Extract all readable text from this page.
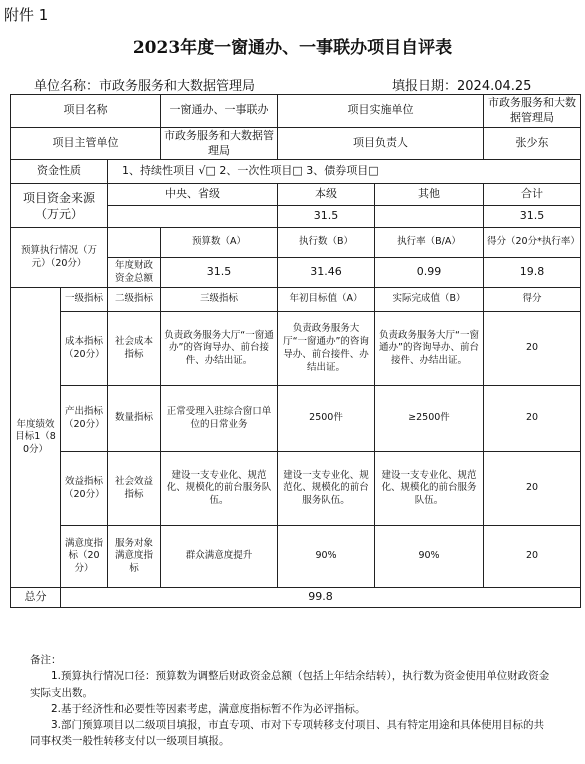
附件 1
2023年度一窗通办、一事联办项目自评表
单位名称：市政务服务和大数据管理局	填报日期：2024.04.25
项目名称			一窗通办、一事联办	项目实施单位		市政务服务和大数据管理局
项目主管单位			市政务服务和大数据管理局	项目负责人		张少东
资金性质		1、持续性项目 √□ 2、一次性项目□ 3、债券项目□				
项目资金来源（万元）		中央、省级		本级	其他	合计
				31.5		31.5
预算执行情况（万元）（20分）			预算数（A）	执行数（B）	执行率（B/A）	得分（20分*执行率）
		年度财政资金总额	31.5	31.46	0.99	19.8
年度绩效目标1（80分）	一级指标	二级指标	三级指标	年初目标值（A）	实际完成值（B）	得分
	成本指标（20分）	社会成本指标	负责政务服务大厅“一窗通办”的咨询导办、前台接件、办结出证。	负责政务服务大厅“一窗通办”的咨询导办、前台接件、办结出证。	负责政务服务大厅“一窗通办”的咨询导办、前台接件、办结出证。	20
	产出指标（20分）	数量指标	正常受理入驻综合窗口单位的日常业务	2500件	≥2500件	20
	效益指标（20分）	社会效益指标	建设一支专业化、规范化、规模化的前台服务队伍。	建设一支专业化、规范化、规模化的前台服务队伍。	建设一支专业化、规范化、规模化的前台服务队伍。	20
	满意度指标（20分）	服务对象满意度指标	群众满意度提升	90%	90%	20
总分	99.8					
备注：
1.预算执行情况口径：预算数为调整后财政资金总额（包括上年结余结转），执行数为资金使用单位财政资金实际支出数。
2.基于经济性和必要性等因素考虑，满意度指标暂不作为必评指标。
3.部门预算项目以二级项目填报，市直专项、市对下专项转移支付项目、具有特定用途和具体使用目标的共同事权类一般性转移支付以一级项目填报。
